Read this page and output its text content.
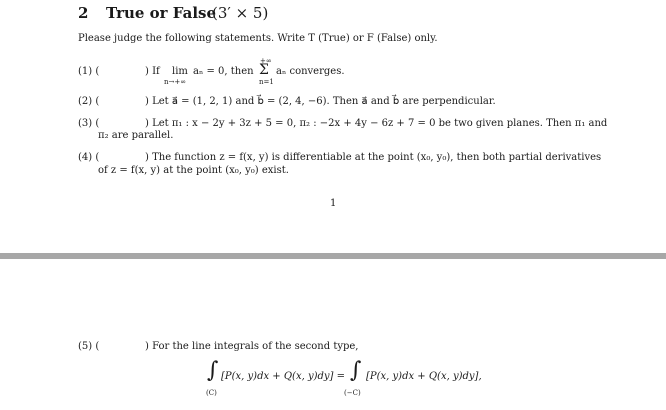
2 True or False
(3′ × 5)
Please judge the following statements. Write T (True) or F (False) only.
(1) (	) If lim
n→+∞
aₙ = 0, then
+∞
Σ
n=1
aₙ converges.
(2) (	) Let a⃗ = (1, 2, 1) and b⃗ = (2, 4, −6). Then a⃗ and b⃗ are perpendicular.
(3) (	) Let π₁ : x − 2y + 3z + 5 = 0, π₂ : −2x + 4y − 6z + 7 = 0 be two given planes. Then π₁ and
π₂ are parallel.
(4) (	) The function z = f(x, y) is differentiable at the point (x₀, y₀), then both partial derivatives
of z = f(x, y) at the point (x₀, y₀) exist.
1
(5) (	) For the line integrals of the second type,
∫ [P(x, y)dx + Q(x, y)dy] =
(C)
∫ [P(x, y)dx + Q(x, y)dy],
(−C)
